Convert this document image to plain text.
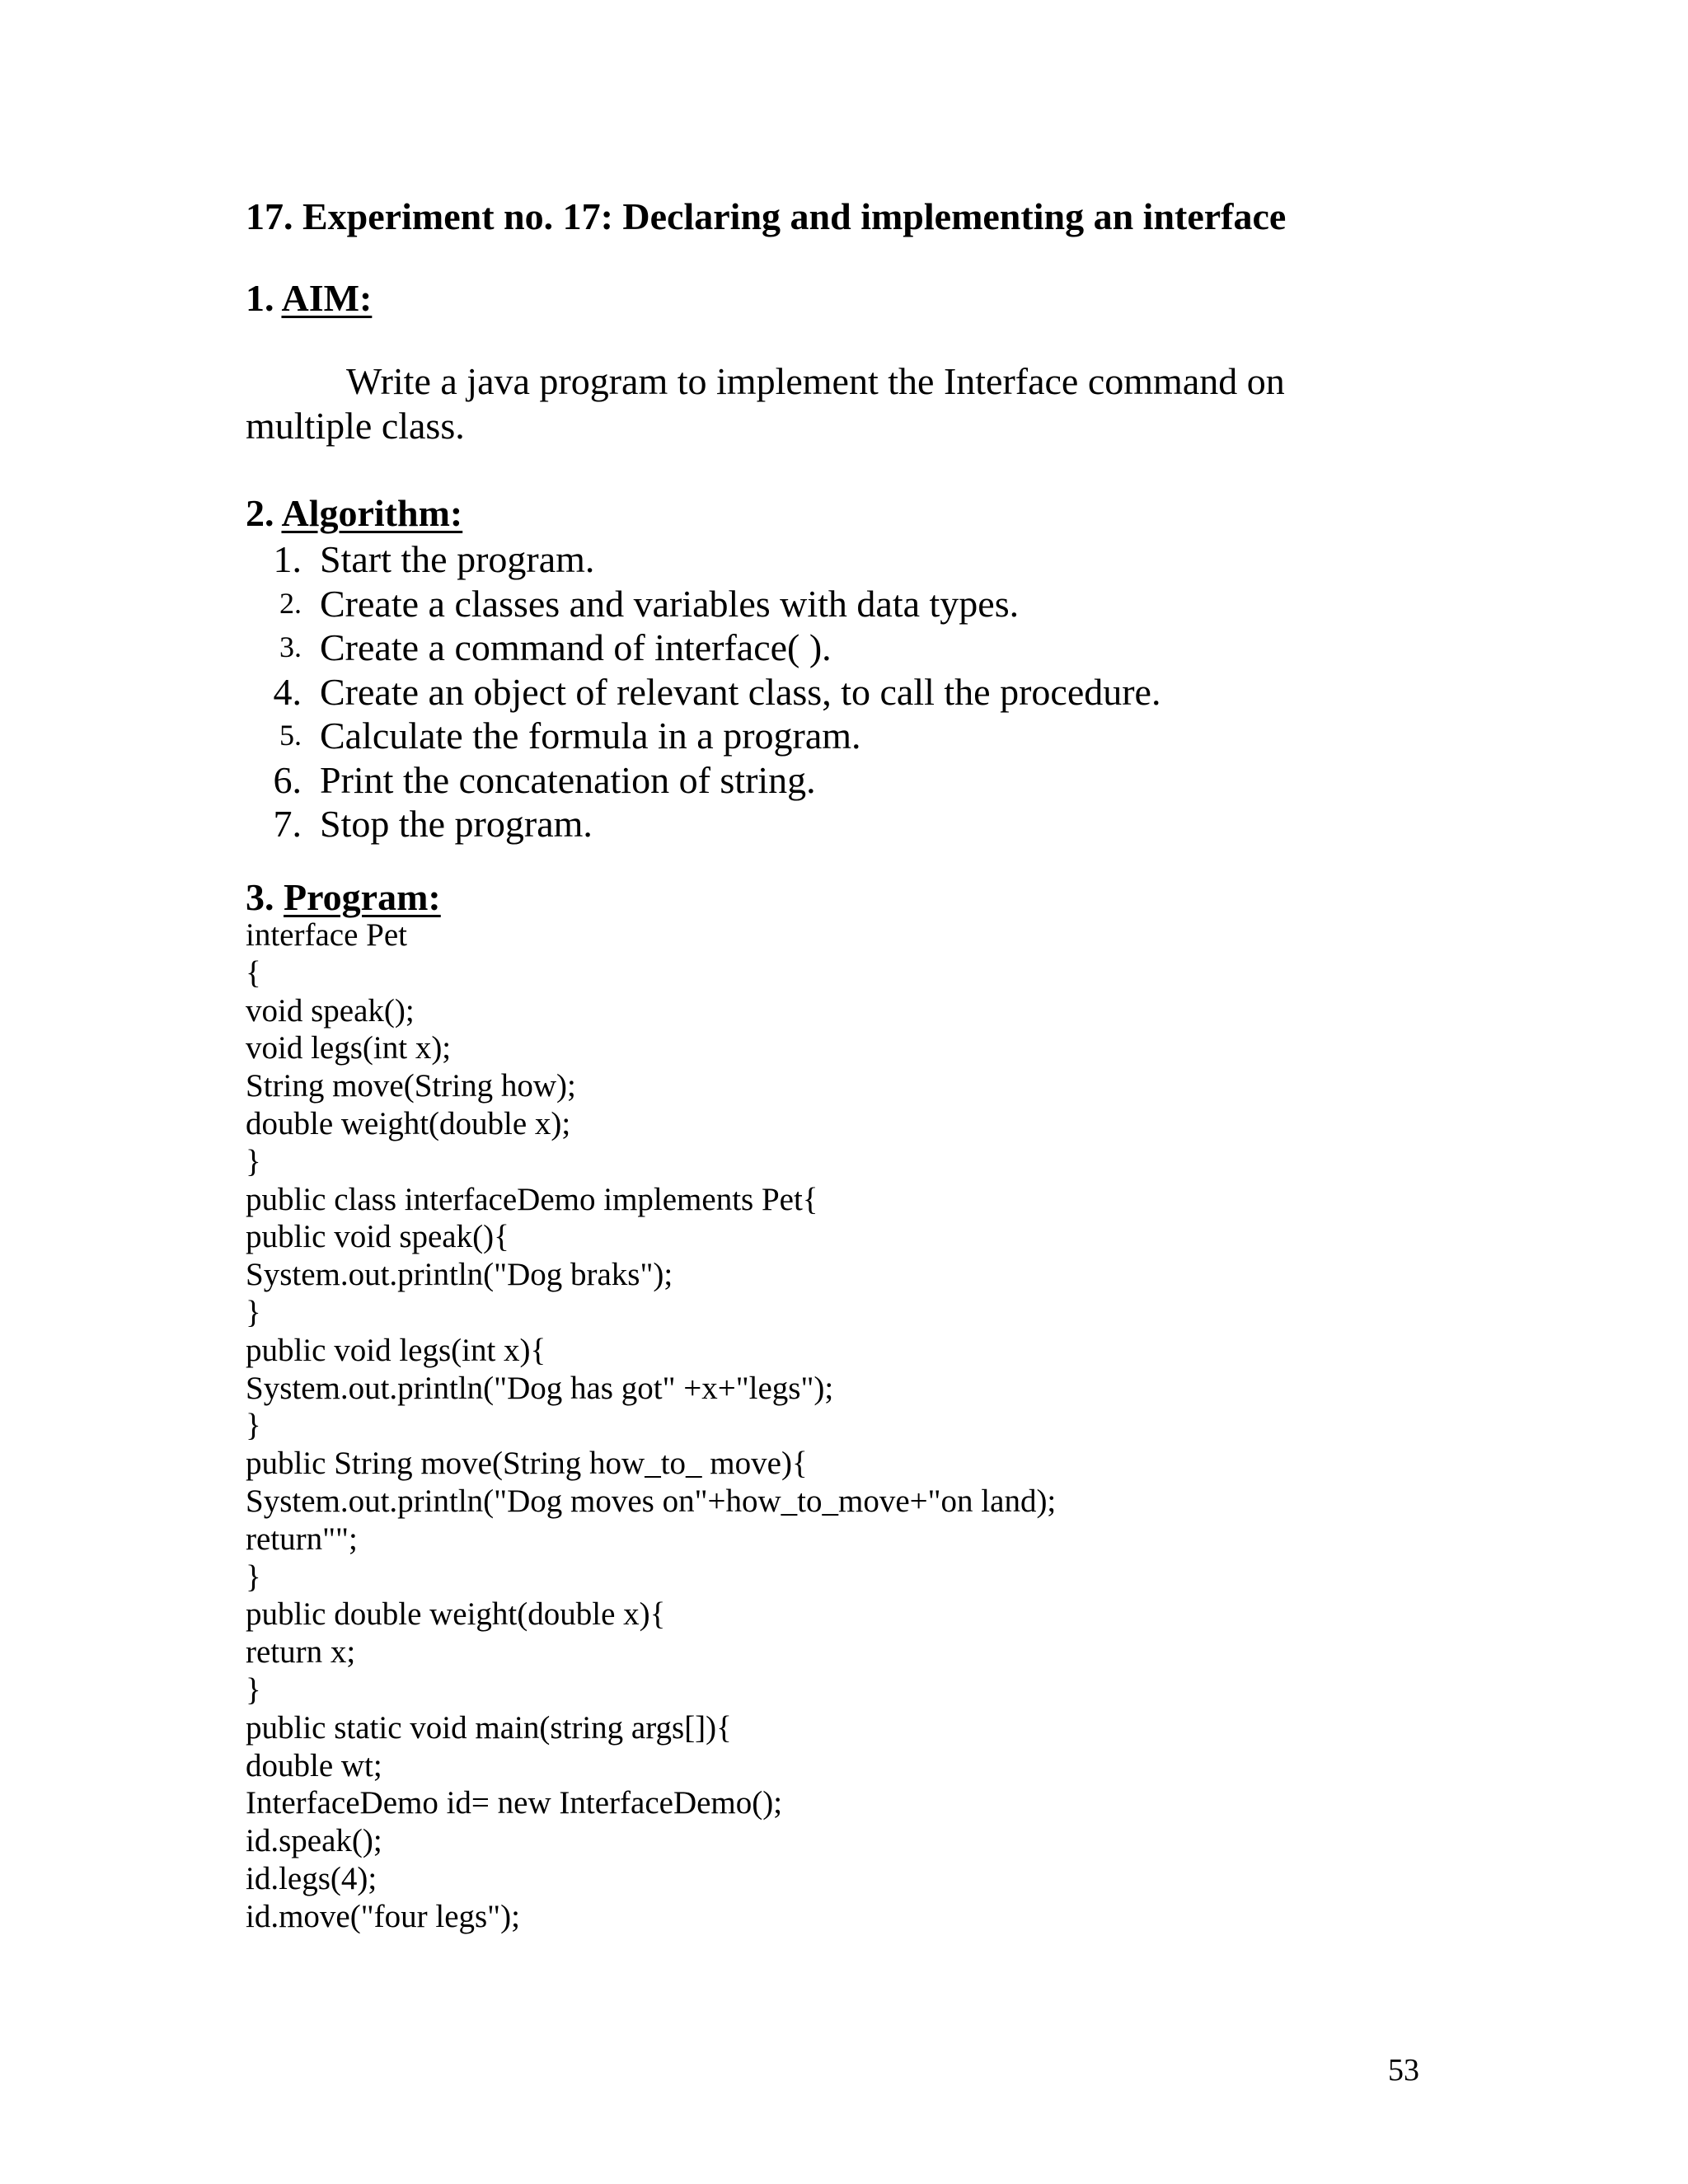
17. Experiment no. 17: Declaring and implementing an interface
1. AIM:

Write a java program to implement the Interface command on multiple class.

2. Algorithm:
1. Start the program.
2. Create a classes and variables with data types.
3. Create a command of interface( ).
4. Create an object of relevant class, to call the procedure.
5. Calculate the formula in a program.
6. Print the concatenation of string.
7. Stop the program.
3. Program:
interface Pet
{
void speak();
void legs(int x);
String move(String how);
double weight(double x);
}
public class interfaceDemo implements Pet{
public void speak(){
System.out.println("Dog braks");
}
public void legs(int x){
System.out.println("Dog has got" +x+"legs");
}
public String move(String how_to_ move){
System.out.println("Dog moves on"+how_to_move+"on land);
return"";
}
public double weight(double x){
return x;
}
public static void main(string args[]){
double wt;
InterfaceDemo id= new InterfaceDemo();
id.speak();
id.legs(4);
id.move("four legs");

53
